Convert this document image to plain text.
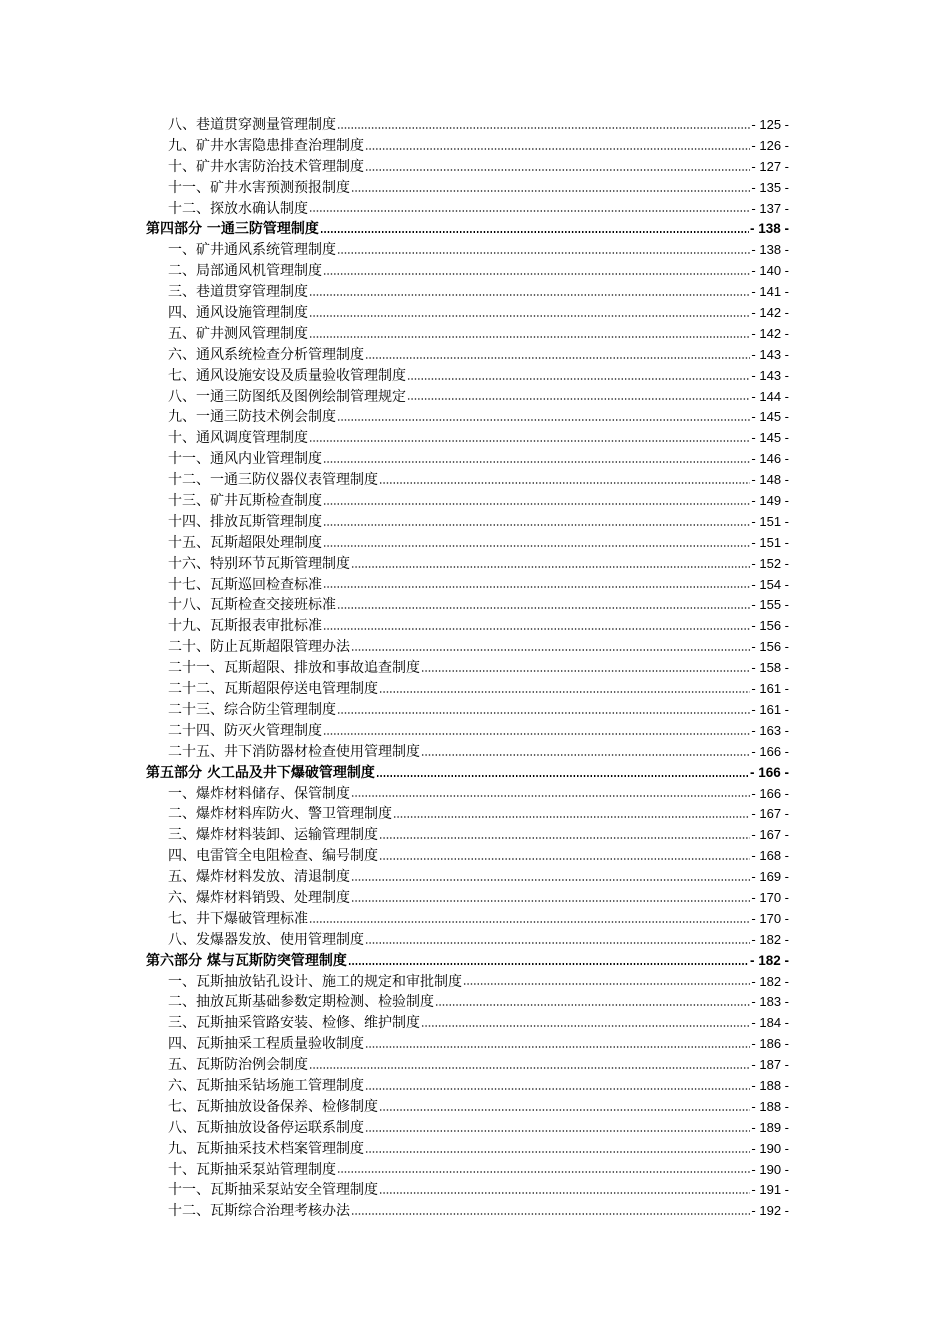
八、巷道贯穿测量管理制度	- 125 -
九、矿井水害隐患排查治理制度	- 126 -
十、矿井水害防治技术管理制度	- 127 -
十一、矿井水害预测预报制度	- 135 -
十二、探放水确认制度	- 137 -
第四部分 一通三防管理制度	- 138 -
一、矿井通风系统管理制度	- 138 -
二、局部通风机管理制度	- 140 -
三、巷道贯穿管理制度	- 141 -
四、通风设施管理制度	- 142 -
五、矿井测风管理制度	- 142 -
六、通风系统检查分析管理制度	- 143 -
七、通风设施安设及质量验收管理制度	- 143 -
八、一通三防图纸及图例绘制管理规定	- 144 -
九、一通三防技术例会制度	- 145 -
十、通风调度管理制度	- 145 -
十一、通风内业管理制度	- 146 -
十二、一通三防仪器仪表管理制度	- 148 -
十三、矿井瓦斯检查制度	- 149 -
十四、排放瓦斯管理制度	- 151 -
十五、瓦斯超限处理制度	- 151 -
十六、特别环节瓦斯管理制度	- 152 -
十七、瓦斯巡回检查标准	- 154 -
十八、瓦斯检查交接班标准	- 155 -
十九、瓦斯报表审批标准	- 156 -
二十、防止瓦斯超限管理办法	- 156 -
二十一、瓦斯超限、排放和事故追查制度	- 158 -
二十二、瓦斯超限停送电管理制度	- 161 -
二十三、综合防尘管理制度	- 161 -
二十四、防灭火管理制度	- 163 -
二十五、井下消防器材检查使用管理制度	- 166 -
第五部分 火工品及井下爆破管理制度	- 166 -
一、爆炸材料储存、保管制度	- 166 -
二、爆炸材料库防火、警卫管理制度	- 167 -
三、爆炸材料装卸、运输管理制度	- 167 -
四、电雷管全电阻检查、编号制度	- 168 -
五、爆炸材料发放、清退制度	- 169 -
六、爆炸材料销毁、处理制度	- 170 -
七、井下爆破管理标准	- 170 -
八、发爆器发放、使用管理制度	- 182 -
第六部分 煤与瓦斯防突管理制度	- 182 -
一、瓦斯抽放钻孔设计、施工的规定和审批制度	- 182 -
二、抽放瓦斯基础参数定期检测、检验制度	- 183 -
三、瓦斯抽采管路安装、检修、维护制度	- 184 -
四、瓦斯抽采工程质量验收制度	- 186 -
五、瓦斯防治例会制度	- 187 -
六、瓦斯抽采钻场施工管理制度	- 188 -
七、瓦斯抽放设备保养、检修制度	- 188 -
八、瓦斯抽放设备停运联系制度	- 189 -
九、瓦斯抽采技术档案管理制度	- 190 -
十、瓦斯抽采泵站管理制度	- 190 -
十一、瓦斯抽采泵站安全管理制度	- 191 -
十二、瓦斯综合治理考核办法	- 192 -
